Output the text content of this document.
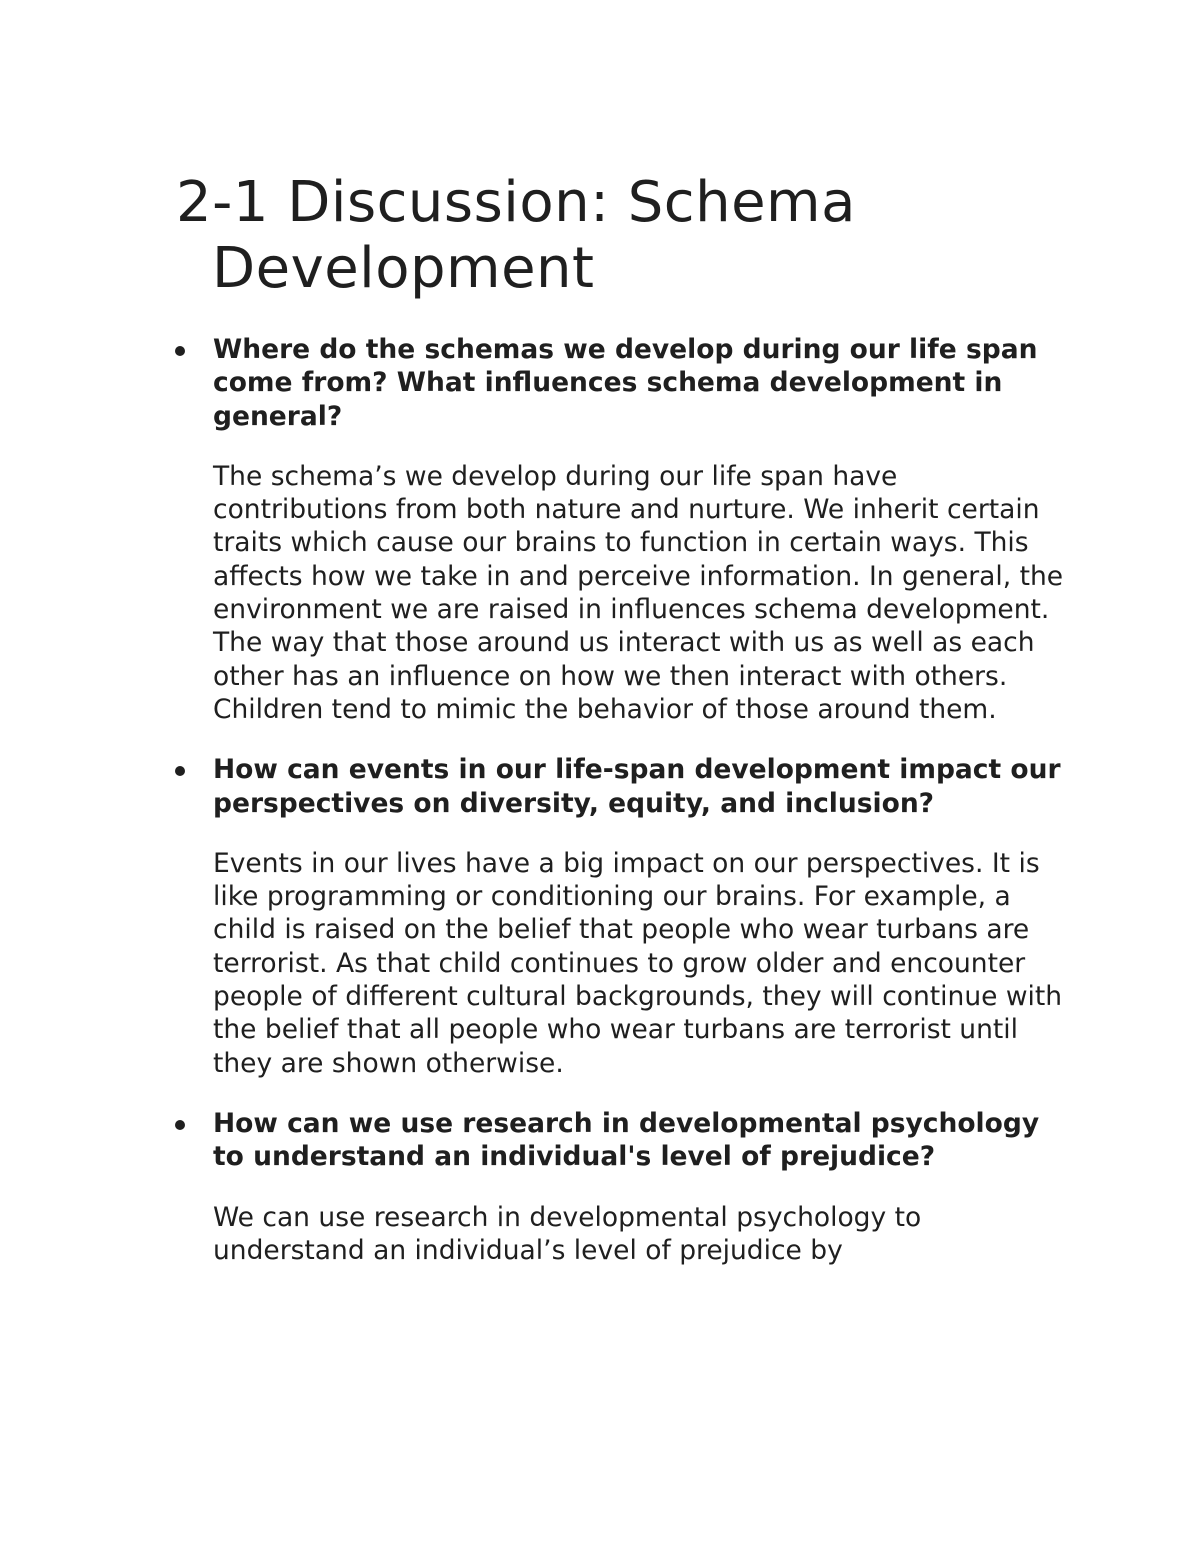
2-1 Discussion: Schema Development

Where do the schemas we develop during our life span come from? What influences schema development in general?

The schema’s we develop during our life span have contributions from both nature and nurture. We inherit certain traits which cause our brains to function in certain ways. This affects how we take in and perceive information. In general, the environment we are raised in influences schema development. The way that those around us interact with us as well as each other has an influence on how we then interact with others. Children tend to mimic the behavior of those around them.

How can events in our life-span development impact our perspectives on diversity, equity, and inclusion?

Events in our lives have a big impact on our perspectives. It is like programming or conditioning our brains. For example, a child is raised on the belief that people who wear turbans are terrorist. As that child continues to grow older and encounter people of different cultural backgrounds, they will continue with the belief that all people who wear turbans are terrorist until they are shown otherwise.

How can we use research in developmental psychology to understand an individual's level of prejudice?

We can use research in developmental psychology to understand an individual’s level of prejudice by
